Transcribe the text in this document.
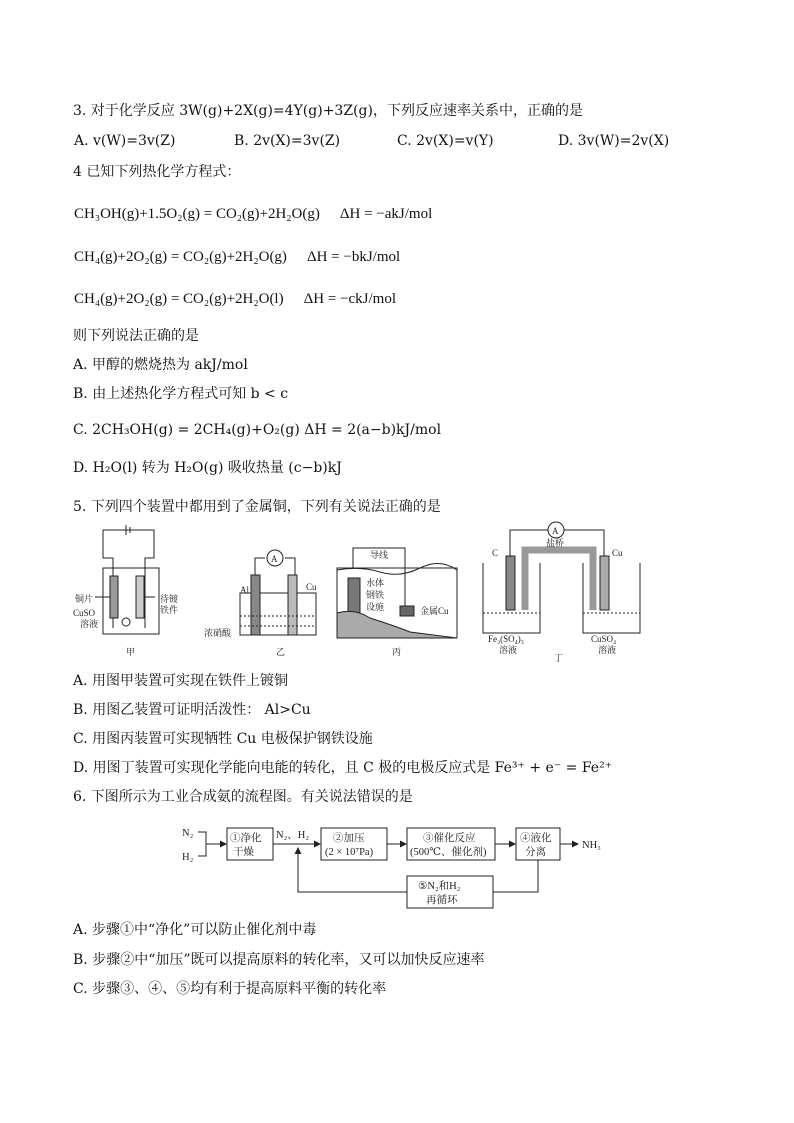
3. 对于化学反应 3W(g)+2X(g)=4Y(g)+3Z(g)，下列反应速率关系中，正确的是
A. v(W)=3v(Z)	B. 2v(X)=3v(Z)	C. 2v(X)=v(Y)	D. 3v(W)=2v(X)
4 已知下列热化学方程式：
CH₃OH(g)+1.5O₂(g) = CO₂(g)+2H₂O(g) ΔH = −akJ/mol
CH₄(g)+2O₂(g) = CO₂(g)+2H₂O(g) ΔH = −bkJ/mol
CH₄(g)+2O₂(g) = CO₂(g)+2H₂O(l) ΔH = −ckJ/mol
则下列说法正确的是
A. 甲醇的燃烧热为 akJ/mol
B. 由上述热化学方程式可知 b < c
C. 2CH₃OH(g) = 2CH₄(g)+O₂(g) ΔH = 2(a−b)kJ/mol
D. H₂O(l) 转为 H₂O(g) 吸收热量 (c−b)kJ
5. 下列四个装置中都用到了金属铜，下列有关说法正确的是
铜片
CuSO
溶液
待镀
铁件
甲
A
Al	Cu
浓硝酸
乙
导线
水体
钢铁
设施	金属Cu
丙
A
盐桥
C	Cu
Fe₂(SO₄)₃
溶液
CuSO₄
溶液
丁
A. 用图甲装置可实现在铁件上镀铜
B. 用图乙装置可证明活泼性： Al>Cu
C. 用图丙装置可实现牺牲 Cu 电极保护钢铁设施
D. 用图丁装置可实现化学能向电能的转化，且 C 极的电极反应式是 Fe³⁺ + e⁻ = Fe²⁺
6. 下图所示为工业合成氨的流程图。有关说法错误的是
N₂
H₂
①净化
干燥
N₂、H₂ ②加压
(2 × 10⁷Pa)
③催化反应
(500℃、催化剂)
④液化
分离
NH₃
⑤N₂和H₂
再循环
A. 步骤①中“净化”可以防止催化剂中毒
B. 步骤②中“加压”既可以提高原料的转化率，又可以加快反应速率
C. 步骤③、④、⑤均有利于提高原料平衡的转化率
